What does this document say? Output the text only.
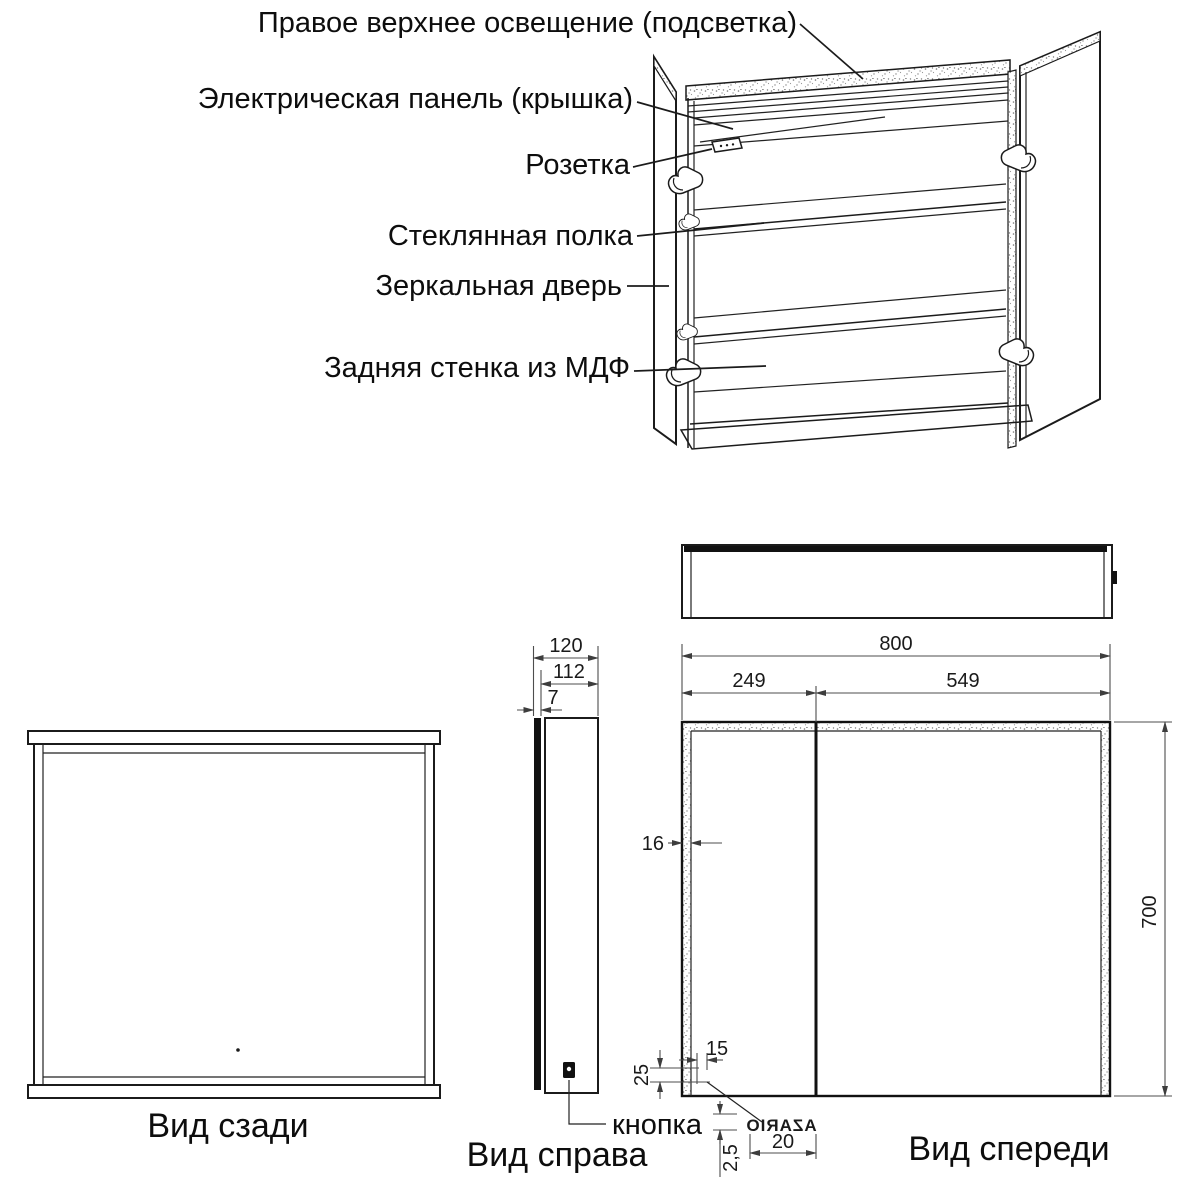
Правое верхнее освещение (подсветка)
Электрическая панель (крышка)
Розетка
Стеклянная полка
Зеркальная дверь
Задняя стенка из МДФ
Вид сзади
120
112
7
кнопка
Вид справа
800
249	549
700
16
25
15
AZARIO
20
2,5	Вид спереди
